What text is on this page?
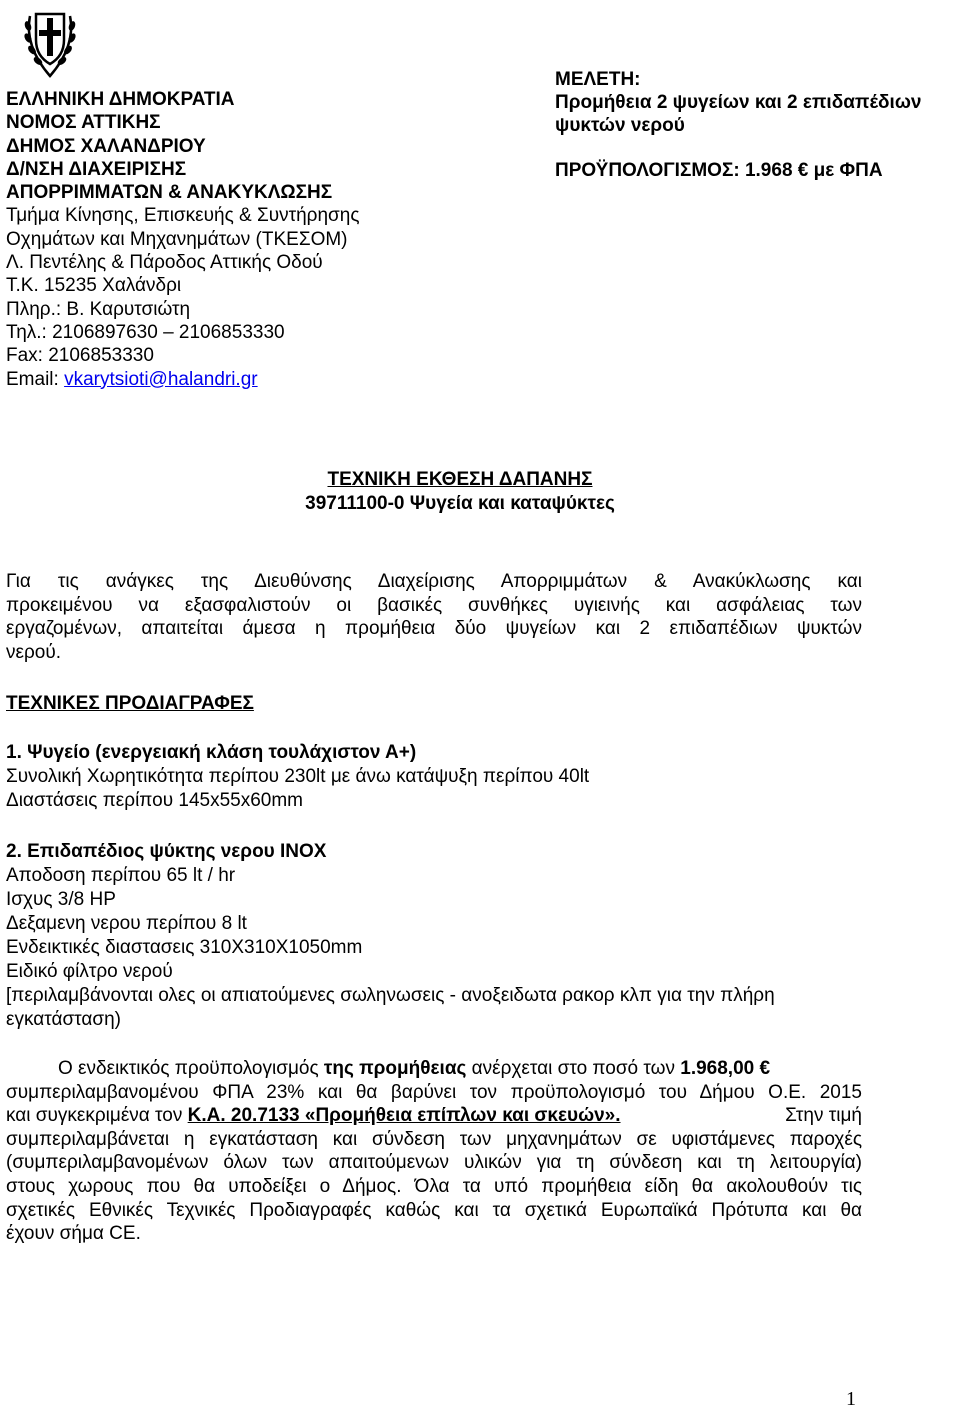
ΕΛΛΗΝΙΚΗ ΔΗΜΟΚΡΑΤΙΑ
ΝΟΜΟΣ ΑΤΤΙΚΗΣ
ΔΗΜΟΣ ΧΑΛΑΝΔΡΙΟΥ
Δ/ΝΣΗ ΔΙΑΧΕΙΡΙΣΗΣ
ΑΠΟΡΡΙΜΜΑΤΩΝ & ΑΝΑΚΥΚΛΩΣΗΣ
Τμήμα Κίνησης, Επισκευής & Συντήρησης
Οχημάτων και Μηχανημάτων (ΤΚΕΣΟΜ)
Λ. Πεντέλης & Πάροδος Αττικής Οδού
Τ.Κ. 15235 Χαλάνδρι
Πληρ.: Β. Καρυτσιώτη
Τηλ.: 2106897630 – 2106853330
Fax: 2106853330
Email: vkarytsioti@halandri.gr
ΜΕΛΕΤΗ:
Προμήθεια 2 ψυγείων και 2 επιδαπέδιων
ψυκτών νερού
ΠΡΟΫΠΟΛΟΓΙΣΜΟΣ: 1.968 € με ΦΠΑ
ΤΕΧΝΙΚΗ ΕΚΘΕΣΗ ΔΑΠΑΝΗΣ
39711100-0 Ψυγεία και καταψύκτες
Για τις ανάγκες της Διευθύνσης Διαχείρισης Απορριμμάτων & Ανακύκλωσης και
προκειμένου να εξασφαλιστούν οι βασικές συνθήκες υγιεινής και ασφάλειας των
εργαζομένων, απαιτείται άμεσα η προμήθεια δύο ψυγείων και 2 επιδαπέδιων ψυκτών
νερού.
ΤΕΧΝΙΚΕΣ ΠΡΟΔΙΑΓΡΑΦΕΣ
1. Ψυγείο (ενεργειακή κλάση τουλάχιστον Α+)
Συνολική Χωρητικότητα περίπου 230lt με άνω κατάψυξη περίπου 40lt
Διαστάσεις περίπου 145x55x60mm
2. Επιδαπέδιος ψύκτης νερου INOX
Αποδοση περίπου 65 lt / hr
Ισχυς 3/8 HP
Δεξαμενη νερου περίπου 8 lt
Ενδεικτικές διαστασεις 310Χ310Χ1050mm
Ειδικό φίλτρο νερού
[περιλαμβάνονται ολες οι απιατούμενες σωληνωσεις - ανοξειδωτα ρακορ κλπ για την πλήρη
εγκατάσταση)
Ο ενδεικτικός προϋπολογισμός της προμήθειας ανέρχεται στο ποσό των 1.968,00 €
συμπεριλαμβανομένου ΦΠΑ 23% και θα βαρύνει τον προϋπολογισμό του Δήμου Ο.Ε. 2015
και συγκεκριμένα τον Κ.Α. 20.7133 «Προμήθεια επίπλων και σκευών».	Στην τιμή
συμπεριλαμβάνεται η εγκατάσταση και σύνδεση των μηχανημάτων σε υφιστάμενες παροχές
(συμπεριλαμβανομένων όλων των απαιτούμενων υλικών για τη σύνδεση και τη λειτουργία)
στους χωρους που θα υποδείξει ο Δήμος. Όλα τα υπό προμήθεια είδη θα ακολουθούν τις
σχετικές Εθνικές Τεχνικές Προδιαγραφές καθώς και τα σχετικά Ευρωπαϊκά Πρότυπα και θα
έχουν σήμα CE.
1
